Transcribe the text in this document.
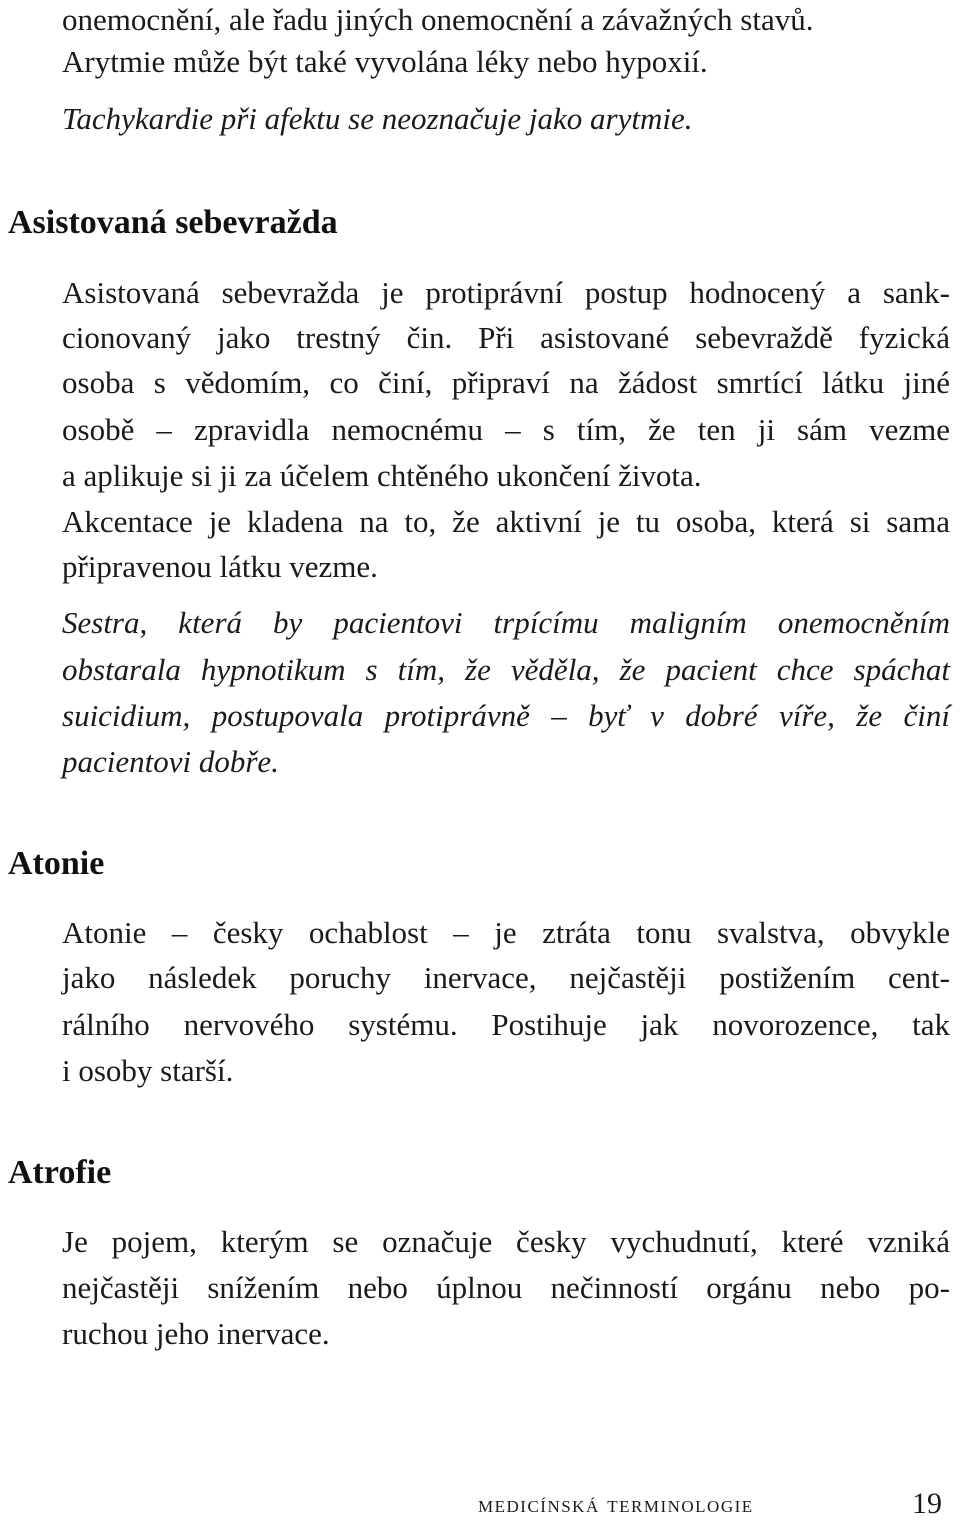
onemocnění, ale řadu jiných onemocnění a závažných stavů.
Arytmie může být také vyvolána léky nebo hypoxií.
Tachykardie při afektu se neoznačuje jako arytmie.
Asistovaná sebevražda
Asistovaná sebevražda je protiprávní postup hodnocený a sank-
cionovaný jako trestný čin. Při asistované sebevraždě fyzická
osoba s vědomím, co činí, připraví na žádost smrtící látku jiné
osobě – zpravidla nemocnému – s tím, že ten ji sám vezme
a aplikuje si ji za účelem chtěného ukončení života.
Akcentace je kladena na to, že aktivní je tu osoba, která si sama
připravenou látku vezme.
Sestra, která by pacientovi trpícímu maligním onemocněním
obstarala hypnotikum s tím, že věděla, že pacient chce spáchat
suicidium, postupovala protiprávně – byť v dobré víře, že činí
pacientovi dobře.
Atonie
Atonie – česky ochablost – je ztráta tonu svalstva, obvykle
jako následek poruchy inervace, nejčastěji postižením cent-
rálního nervového systému. Postihuje jak novorozence, tak
i osoby starší.
Atrofie
Je pojem, kterým se označuje česky vychudnutí, které vzniká
nejčastěji snížením nebo úplnou nečinností orgánu nebo po-
ruchou jeho inervace.
medicínská terminologie	19
